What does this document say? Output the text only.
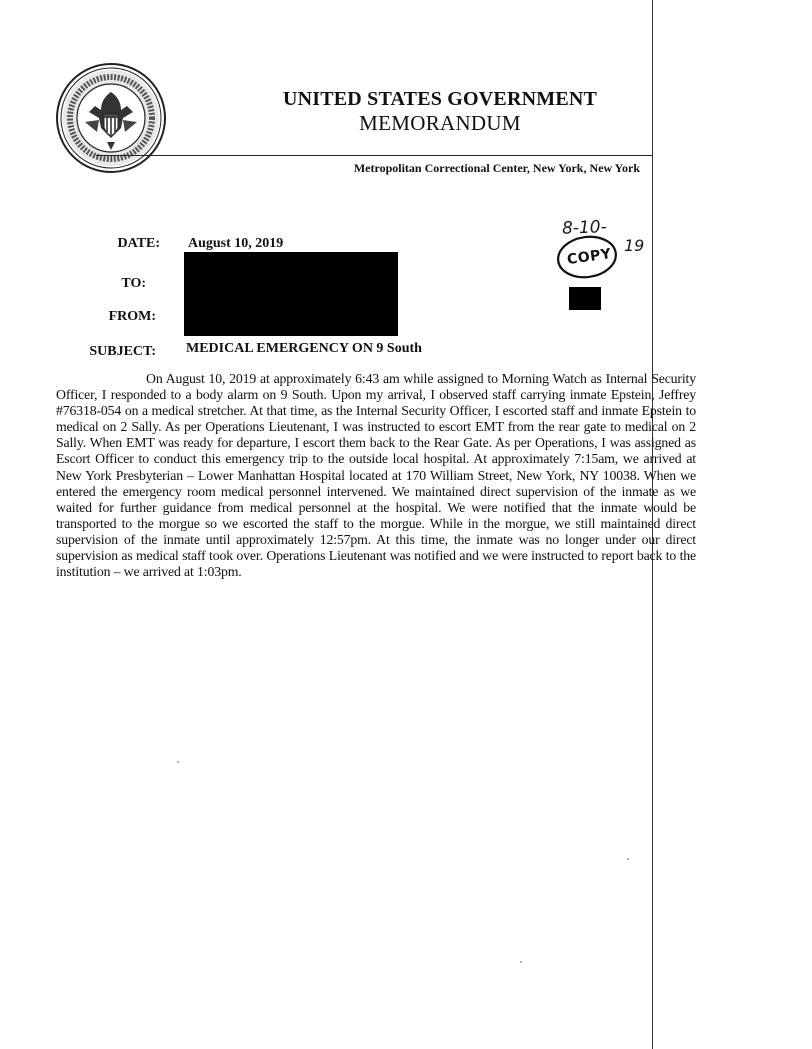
UNITED STATES GOVERNMENT
MEMORANDUM
Metropolitan Correctional Center, New York, New York
DATE: August 10, 2019
TO:
FROM:
SUBJECT: MEDICAL EMERGENCY ON 9 South
8-10-
19
COPY
On August 10, 2019 at approximately 6:43 am while assigned to Morning Watch as Internal Security Officer, I responded to a body alarm on 9 South. Upon my arrival, I observed staff carrying inmate Epstein, Jeffrey #76318-054 on a medical stretcher. At that time, as the Internal Security Officer, I escorted staff and inmate Epstein to medical on 2 Sally. As per Operations Lieutenant, I was instructed to escort EMT from the rear gate to medical on 2 Sally. When EMT was ready for departure, I escort them back to the Rear Gate. As per Operations, I was assigned as Escort Officer to conduct this emergency trip to the outside local hospital. At approximately 7:15am, we arrived at New York Presbyterian – Lower Manhattan Hospital located at 170 William Street, New York, NY 10038. When we entered the emergency room medical personnel intervened. We maintained direct supervision of the inmate as we waited for further guidance from medical personnel at the hospital. We were notified that the inmate would be transported to the morgue so we escorted the staff to the morgue. While in the morgue, we still maintained direct supervision of the inmate until approximately 12:57pm. At this time, the inmate was no longer under our direct supervision as medical staff took over. Operations Lieutenant was notified and we were instructed to report back to the institution – we arrived at 1:03pm.
